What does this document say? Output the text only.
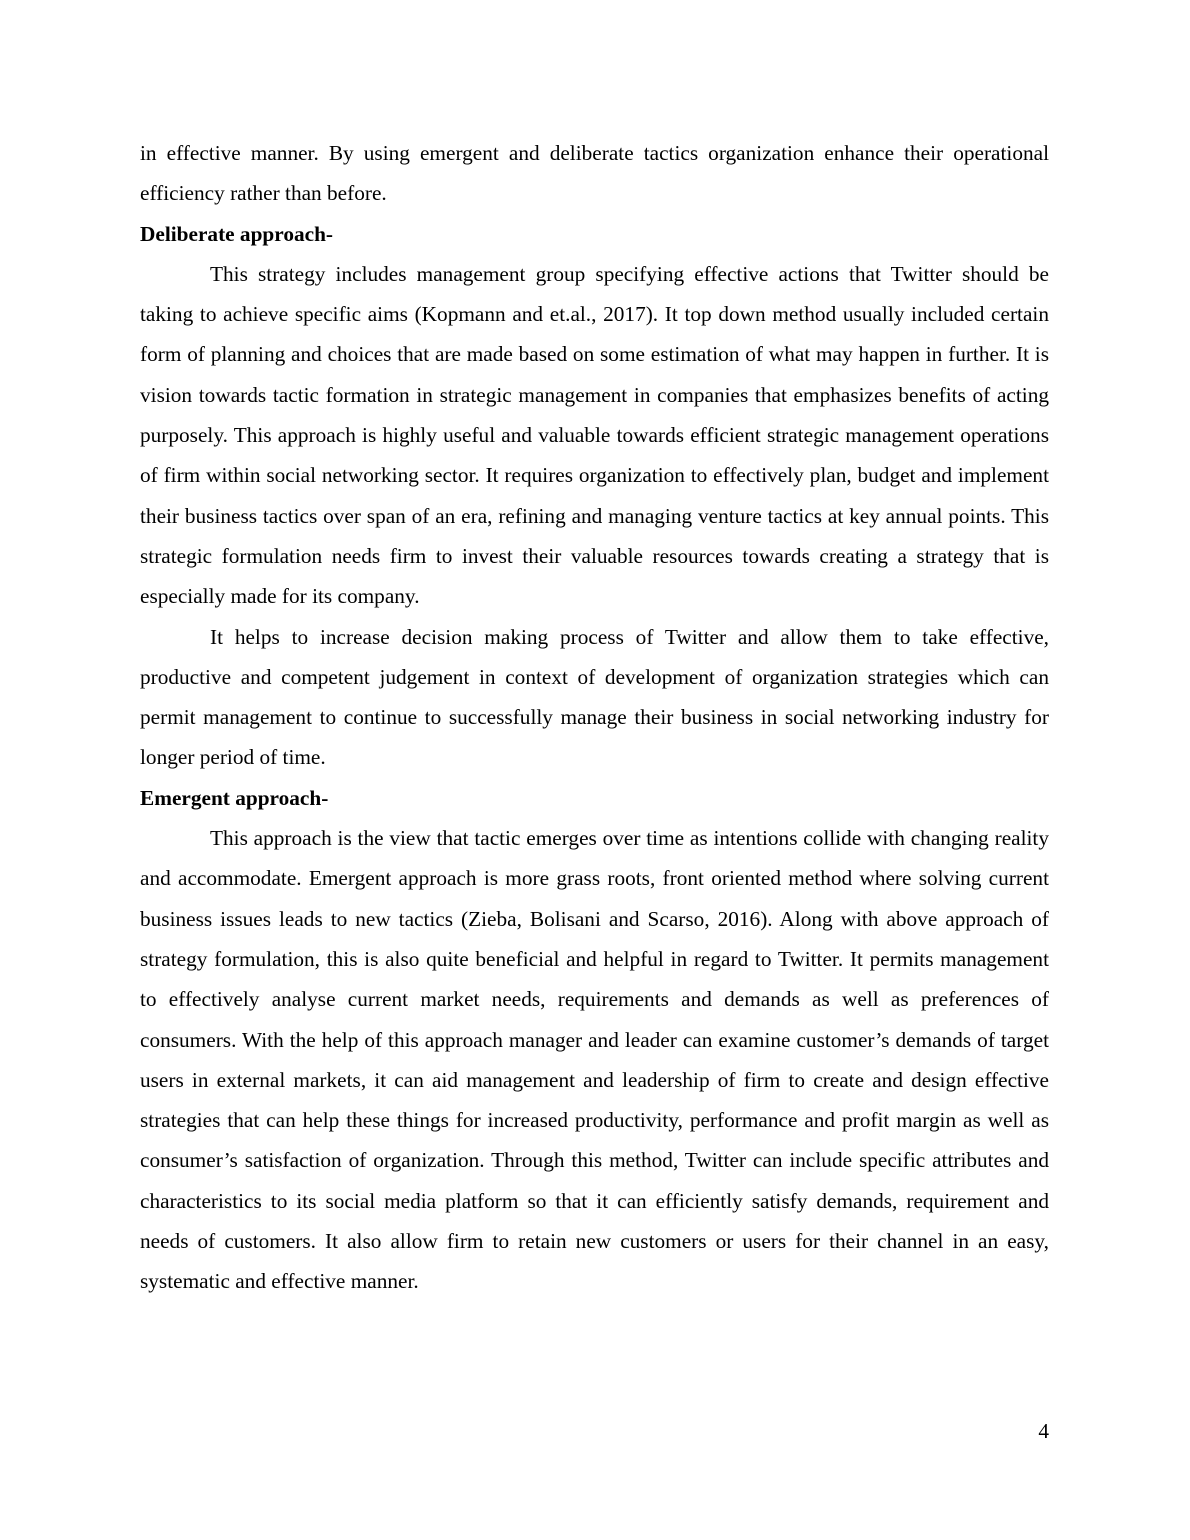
in effective manner. By using emergent and deliberate tactics organization enhance their operational efficiency rather than before.

Deliberate approach-

This strategy includes management group specifying effective actions that Twitter should be taking to achieve specific aims (Kopmann and et.al., 2017). It top down method usually included certain form of planning and choices that are made based on some estimation of what may happen in further. It is vision towards tactic formation in strategic management in companies that emphasizes benefits of acting purposely. This approach is highly useful and valuable towards efficient strategic management operations of firm within social networking sector. It requires organization to effectively plan, budget and implement their business tactics over span of an era, refining and managing venture tactics at key annual points. This strategic formulation needs firm to invest their valuable resources towards creating a strategy that is especially made for its company.

It helps to increase decision making process of Twitter and allow them to take effective, productive and competent judgement in context of development of organization strategies which can permit management to continue to successfully manage their business in social networking industry for longer period of time.

Emergent approach-

This approach is the view that tactic emerges over time as intentions collide with changing reality and accommodate. Emergent approach is more grass roots, front oriented method where solving current business issues leads to new tactics (Zieba, Bolisani and Scarso, 2016). Along with above approach of strategy formulation, this is also quite beneficial and helpful in regard to Twitter. It permits management to effectively analyse current market needs, requirements and demands as well as preferences of consumers. With the help of this approach manager and leader can examine customer’s demands of target users in external markets, it can aid management and leadership of firm to create and design effective strategies that can help these things for increased productivity, performance and profit margin as well as consumer’s satisfaction of organization. Through this method, Twitter can include specific attributes and characteristics to its social media platform so that it can efficiently satisfy demands, requirement and needs of customers. It also allow firm to retain new customers or users for their channel in an easy, systematic and effective manner.

4
